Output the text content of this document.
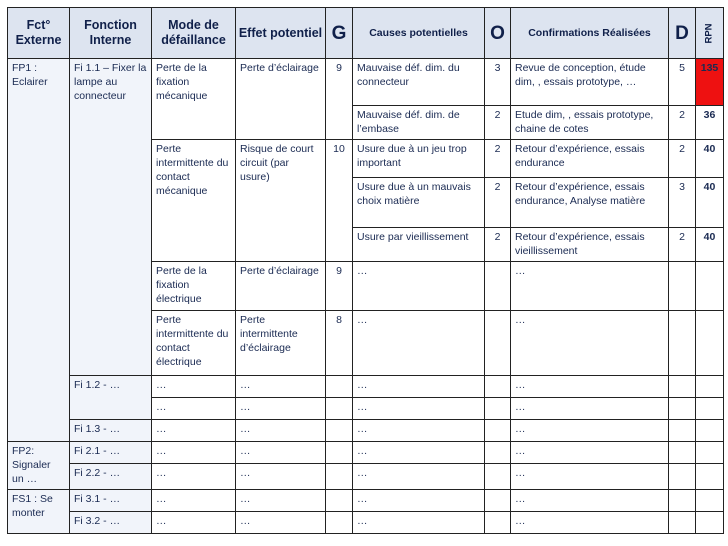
Fct° Externe	Fonction Interne	Mode de défaillance	Effet potentiel	G	Causes potentielles	O	Confirmations Réalisées	D	RPN
FP1 : Eclairer	Fi 1.1 – Fixer la lampe au connecteur	Perte de la fixation mécanique	Perte d’éclairage	9	Mauvaise déf. dim. du connecteur	3	Revue de conception, étude dim, , essais prototype, …	5	135
					Mauvaise déf. dim. de l’embase	2	Etude dim, , essais prototype, chaine de cotes	2	36
		Perte intermittente du contact mécanique	Risque de court circuit (par usure)	10	Usure due à un jeu trop important	2	Retour d’expérience, essais endurance	2	40
					Usure due à un mauvais choix matière	2	Retour d’expérience, essais endurance, Analyse matière	3	40
					Usure par vieillissement	2	Retour d’expérience, essais vieillissement	2	40
		Perte de la fixation électrique	Perte d’éclairage	9	…		…		
		Perte intermittente du contact électrique	Perte intermittente d’éclairage	8	…		…		
	Fi 1.2 - …	…	…		…		…		
		…	…		…		…		
	Fi 1.3 - …	…	…		…		…		
FP2: Signaler un …	Fi 2.1 - …	…	…		…		…		
	Fi 2.2 - …	…	…		…		…		
FS1 : Se monter	Fi 3.1 - …	…	…		…		…		
	Fi 3.2 - …	…	…		…		…		
